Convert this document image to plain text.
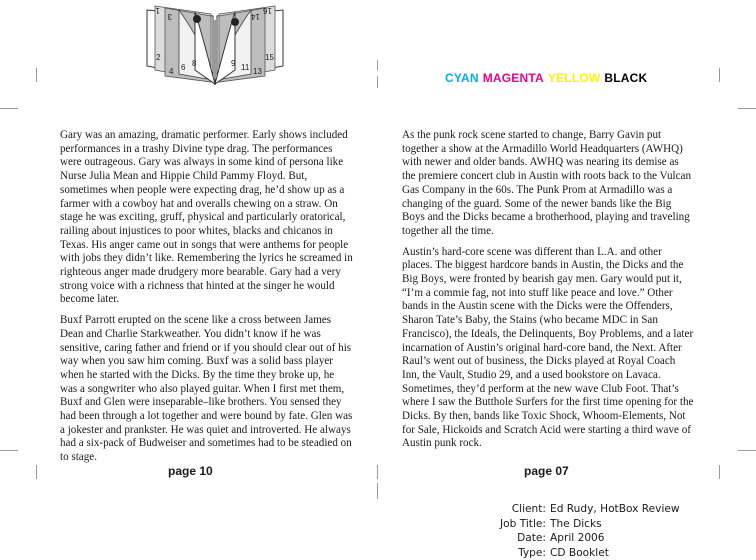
1
2
3
4 6 8	9 11 13
14
15
16
CYAN MAGENTA YELLOW BLACK

Gary was an amazing, dramatic performer. Early shows included performances in a trashy Divine type drag. The performances were outrageous. Gary was always in some kind of persona like Nurse Julia Mean and Hippie Child Pammy Floyd. But, sometimes when people were expecting drag, he’d show up as a farmer with a cowboy hat and overalls chewing on a straw. On stage he was exciting, gruff, physical and particularly oratorical, railing about injustices to poor whites, blacks and chicanos in Texas. His anger came out in songs that were anthems for people with jobs they didn’t like. Remembering the lyrics he screamed in righteous anger made drudgery more bearable. Gary had a very strong voice with a richness that hinted at the singer he would become later.

Buxf Parrott erupted on the scene like a cross between James Dean and Charlie Starkweather. You didn’t know if he was sensitive, caring father and friend or if you should clear out of his way when you saw him coming. Buxf was a solid bass player when he started with the Dicks. By the time they broke up, he was a songwriter who also played guitar. When I first met them, Buxf and Glen were inseparable–like brothers. You sensed they had been through a lot together and were bound by fate. Glen was a jokester and prankster. He was quiet and introverted. He always had a six-pack of Budweiser and sometimes had to be steadied on to stage.

As the punk rock scene started to change, Barry Gavin put together a show at the Armadillo World Headquarters (AWHQ) with newer and older bands. AWHQ was nearing its demise as the premiere concert club in Austin with roots back to the Vulcan Gas Company in the 60s. The Punk Prom at Armadillo was a changing of the guard. Some of the newer bands like the Big Boys and the Dicks became a brotherhood, playing and traveling together all the time.

Austin’s hard-core scene was different than L.A. and other places. The biggest hardcore bands in Austin, the Dicks and the Big Boys, were fronted by bearish gay men. Gary would put it, “I’m a commie fag, not into stuff like peace and love.” Other bands in the Austin scene with the Dicks were the Offenders, Sharon Tate’s Baby, the Stains (who became MDC in San Francisco), the Ideals, the Delinquents, Boy Problems, and a later incarnation of Austin’s original hard-core band, the Next. After Raul’s went out of business, the Dicks played at Royal Coach Inn, the Vault, Studio 29, and a used bookstore on Lavaca. Sometimes, they’d perform at the new wave Club Foot. That’s where I saw the Butthole Surfers for the first time opening for the Dicks. By then, bands like Toxic Shock, Whoom-Elements, Not for Sale, Hickoids and Scratch Acid were starting a third wave of Austin punk rock.

page 10	page 07
Client: Ed Rudy, HotBox Review
Job Title: The Dicks
Date: April 2006
Type: CD Booklet
